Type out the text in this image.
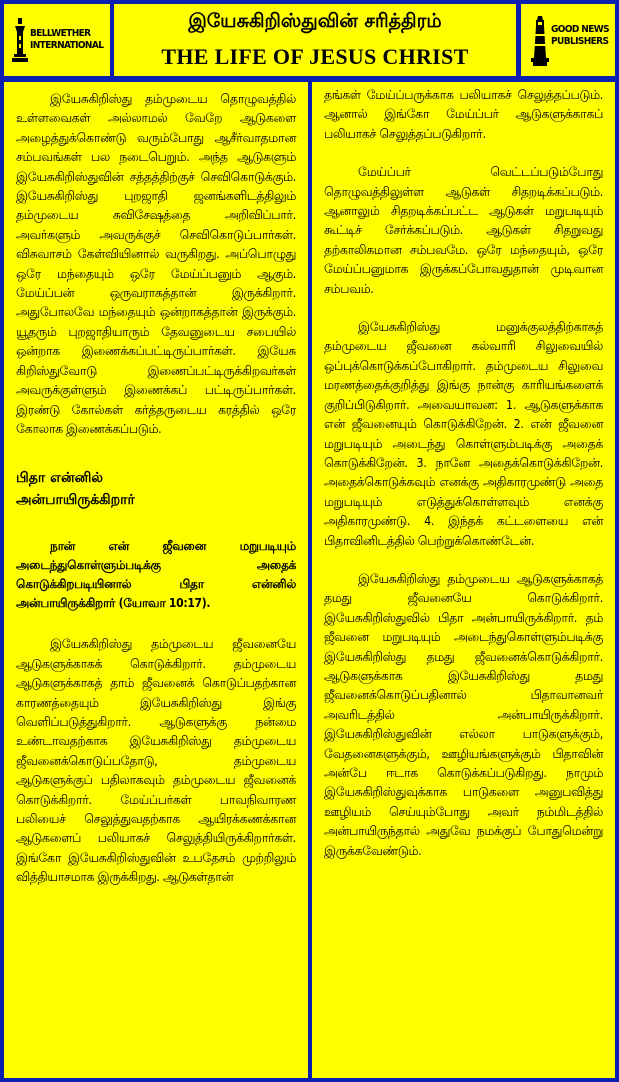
BELLWETHER
INTERNATIONAL
இயேசுகிறிஸ்துவின் சரித்திரம்
THE LIFE OF JESUS CHRIST
GOOD NEWS
PUBLISHERS

இயேசுகிறிஸ்து தம்முடைய தொழுவத்தில் உள்ளவைகள் அல்லாமல் வேறே ஆடுகளை அழைத்துக்கொண்டு வரும்போது ஆசீர்வாதமான சம்பவங்கள் பல நடைபெறும். அந்த ஆடுகளும் இயேசுகிறிஸ்துவின் சத்தத்திற்குச் செவிகொடுக்கும். இயேசுகிறிஸ்து புறஜாதி ஜனங்களிடத்திலும் தம்முடைய சுவிசேஷத்தை அறிவிப்பார். அவர்களும் அவருக்குச் செவிகொடுப்பார்கள். விசுவாசம் கேள்வியினால் வருகிறது. அப்பொழுது ஒரே மந்தையும் ஒரே மேய்ப்பனும் ஆகும். மேய்ப்பன் ஒருவராகத்தான் இருக்கிறார். அதுபோலவே மந்தையும் ஒன்றாகத்தான் இருக்கும். யூதரும் புறஜாதியாரும் தேவனுடைய சபையில் ஒன்றாக இணைக்கப்பட்டிருப்பார்கள். இயேசு கிறிஸ்துவோடு இணைப்பட்டிருக்கிறவர்கள் அவருக்குள்ளும் இணைக்கப் பட்டிருப்பார்கள். இரண்டு கோல்கள் கர்த்தருடைய கரத்தில் ஒரே கோலாக இணைக்கப்படும்.

பிதா என்னில்
அன்பாயிருக்கிறார்

நான் என் ஜீவனை மறுபடியும் அடைந்துகொள்ளும்படிக்கு அதைக் கொடுக்கிறபடியினால் பிதா என்னில் அன்பாயிருக்கிறார் (யோவா 10:17).

இயேசுகிறிஸ்து தம்முடைய ஜீவனையே ஆடுகளுக்காகக் கொடுக்கிறார். தம்முடைய ஆடுகளுக்காகத் தாம் ஜீவனைக் கொடுப்பதற்கான காரணத்தையும் இயேசுகிறிஸ்து இங்கு வெளிப்படுத்துகிறார். ஆடுகளுக்கு நன்மை உண்டாவதற்காக இயேசுகிறிஸ்து தம்முடைய ஜீவனைக்கொடுப்பதோடு, தம்முடைய ஆடுகளுக்குப் பதிலாகவும் தம்முடைய ஜீவனைக் கொடுக்கிறார். மேய்ப்பர்கள் பாவநிவாரண பலியைச் செலுத்துவதற்காக ஆயிரக்கணக்கான ஆடுகளைப் பலியாகச் செலுத்தியிருக்கிறார்கள். இங்கோ இயேசுகிறிஸ்துவின் உபதேசம் முற்றிலும் வித்தியாசமாக இருக்கிறது. ஆடுகள்தான்

தங்கள் மேய்ப்பருக்காக பலியாகச் செலுத்தப்படும். ஆனால் இங்கோ மேய்ப்பர் ஆடுகளுக்காகப் பலியாகச் செலுத்தப்படுகிறார்.

மேய்ப்பர் வெட்டப்படும்போது தொழுவத்திலுள்ள ஆடுகள் சிதறடிக்கப்படும். ஆனாலும் சிதறடிக்கப்பட்ட ஆடுகள் மறுபடியும் கூட்டிச் சேர்க்கப்படும். ஆடுகள் சிதறுவது தற்காலிகமான சம்பவமே. ஒரே மந்தையும், ஒரே மேய்ப்பனுமாக இருக்கப்போவதுதான் முடிவான சம்பவம்.

இயேசுகிறிஸ்து மனுக்குலத்திற்காகத் தம்முடைய ஜீவனை கல்வாரி சிலுவையில் ஒப்புக்கொடுக்கப்போகிறார். தம்முடைய சிலுவை மரணத்தைக்குறித்து இங்கு நான்கு காரியங்களைக் குறிப்பிடுகிறார். அவையாவன: 1. ஆடுகளுக்காக என் ஜீவனையும் கொடுக்கிறேன். 2. என் ஜீவனை மறுபடியும் அடைந்து கொள்ளும்படிக்கு அதைக் கொடுக்கிறேன். 3. நானே அதைக்கொடுக்கிறேன். அதைக்கொடுக்கவும் எனக்கு அதிகாரமுண்டு அதை மறுபடியும் எடுத்துக்கொள்ளவும் எனக்கு அதிகாரமுண்டு. 4. இந்தக் கட்டளையை என் பிதாவினிடத்தில் பெற்றுக்கொண்டேன்.

இயேசுகிறிஸ்து தம்முடைய ஆடுகளுக்காகத் தமது ஜீவனையே கொடுக்கிறார். இயேசுகிறிஸ்துவில் பிதா அன்பாயிருக்கிறார். தம் ஜீவனை மறுபடியும் அடைந்துகொள்ளும்படிக்கு இயேசுகிறிஸ்து தமது ஜீவனைக்கொடுக்கிறார். ஆடுகளுக்காக இயேசுகிறிஸ்து தமது ஜீவனைக்கொடுப்பதினால் பிதாவானவர் அவரிடத்தில் அன்பாயிருக்கிறார். இயேசுகிறிஸ்துவின் எல்லா பாடுகளுக்கும், வேதனைகளுக்கும், ஊழியங்களுக்கும் பிதாவின் அன்பே ஈடாக கொடுக்கப்படுகிறது. நாமும் இயேசுகிறிஸ்துவுக்காக பாடுகளை அனுபவித்து ஊழியம் செய்யும்போது அவர் நம்மிடத்தில் அன்பாயிருந்தால் அதுவே நமக்குப் போதுமென்று இருக்கவேண்டும்.
